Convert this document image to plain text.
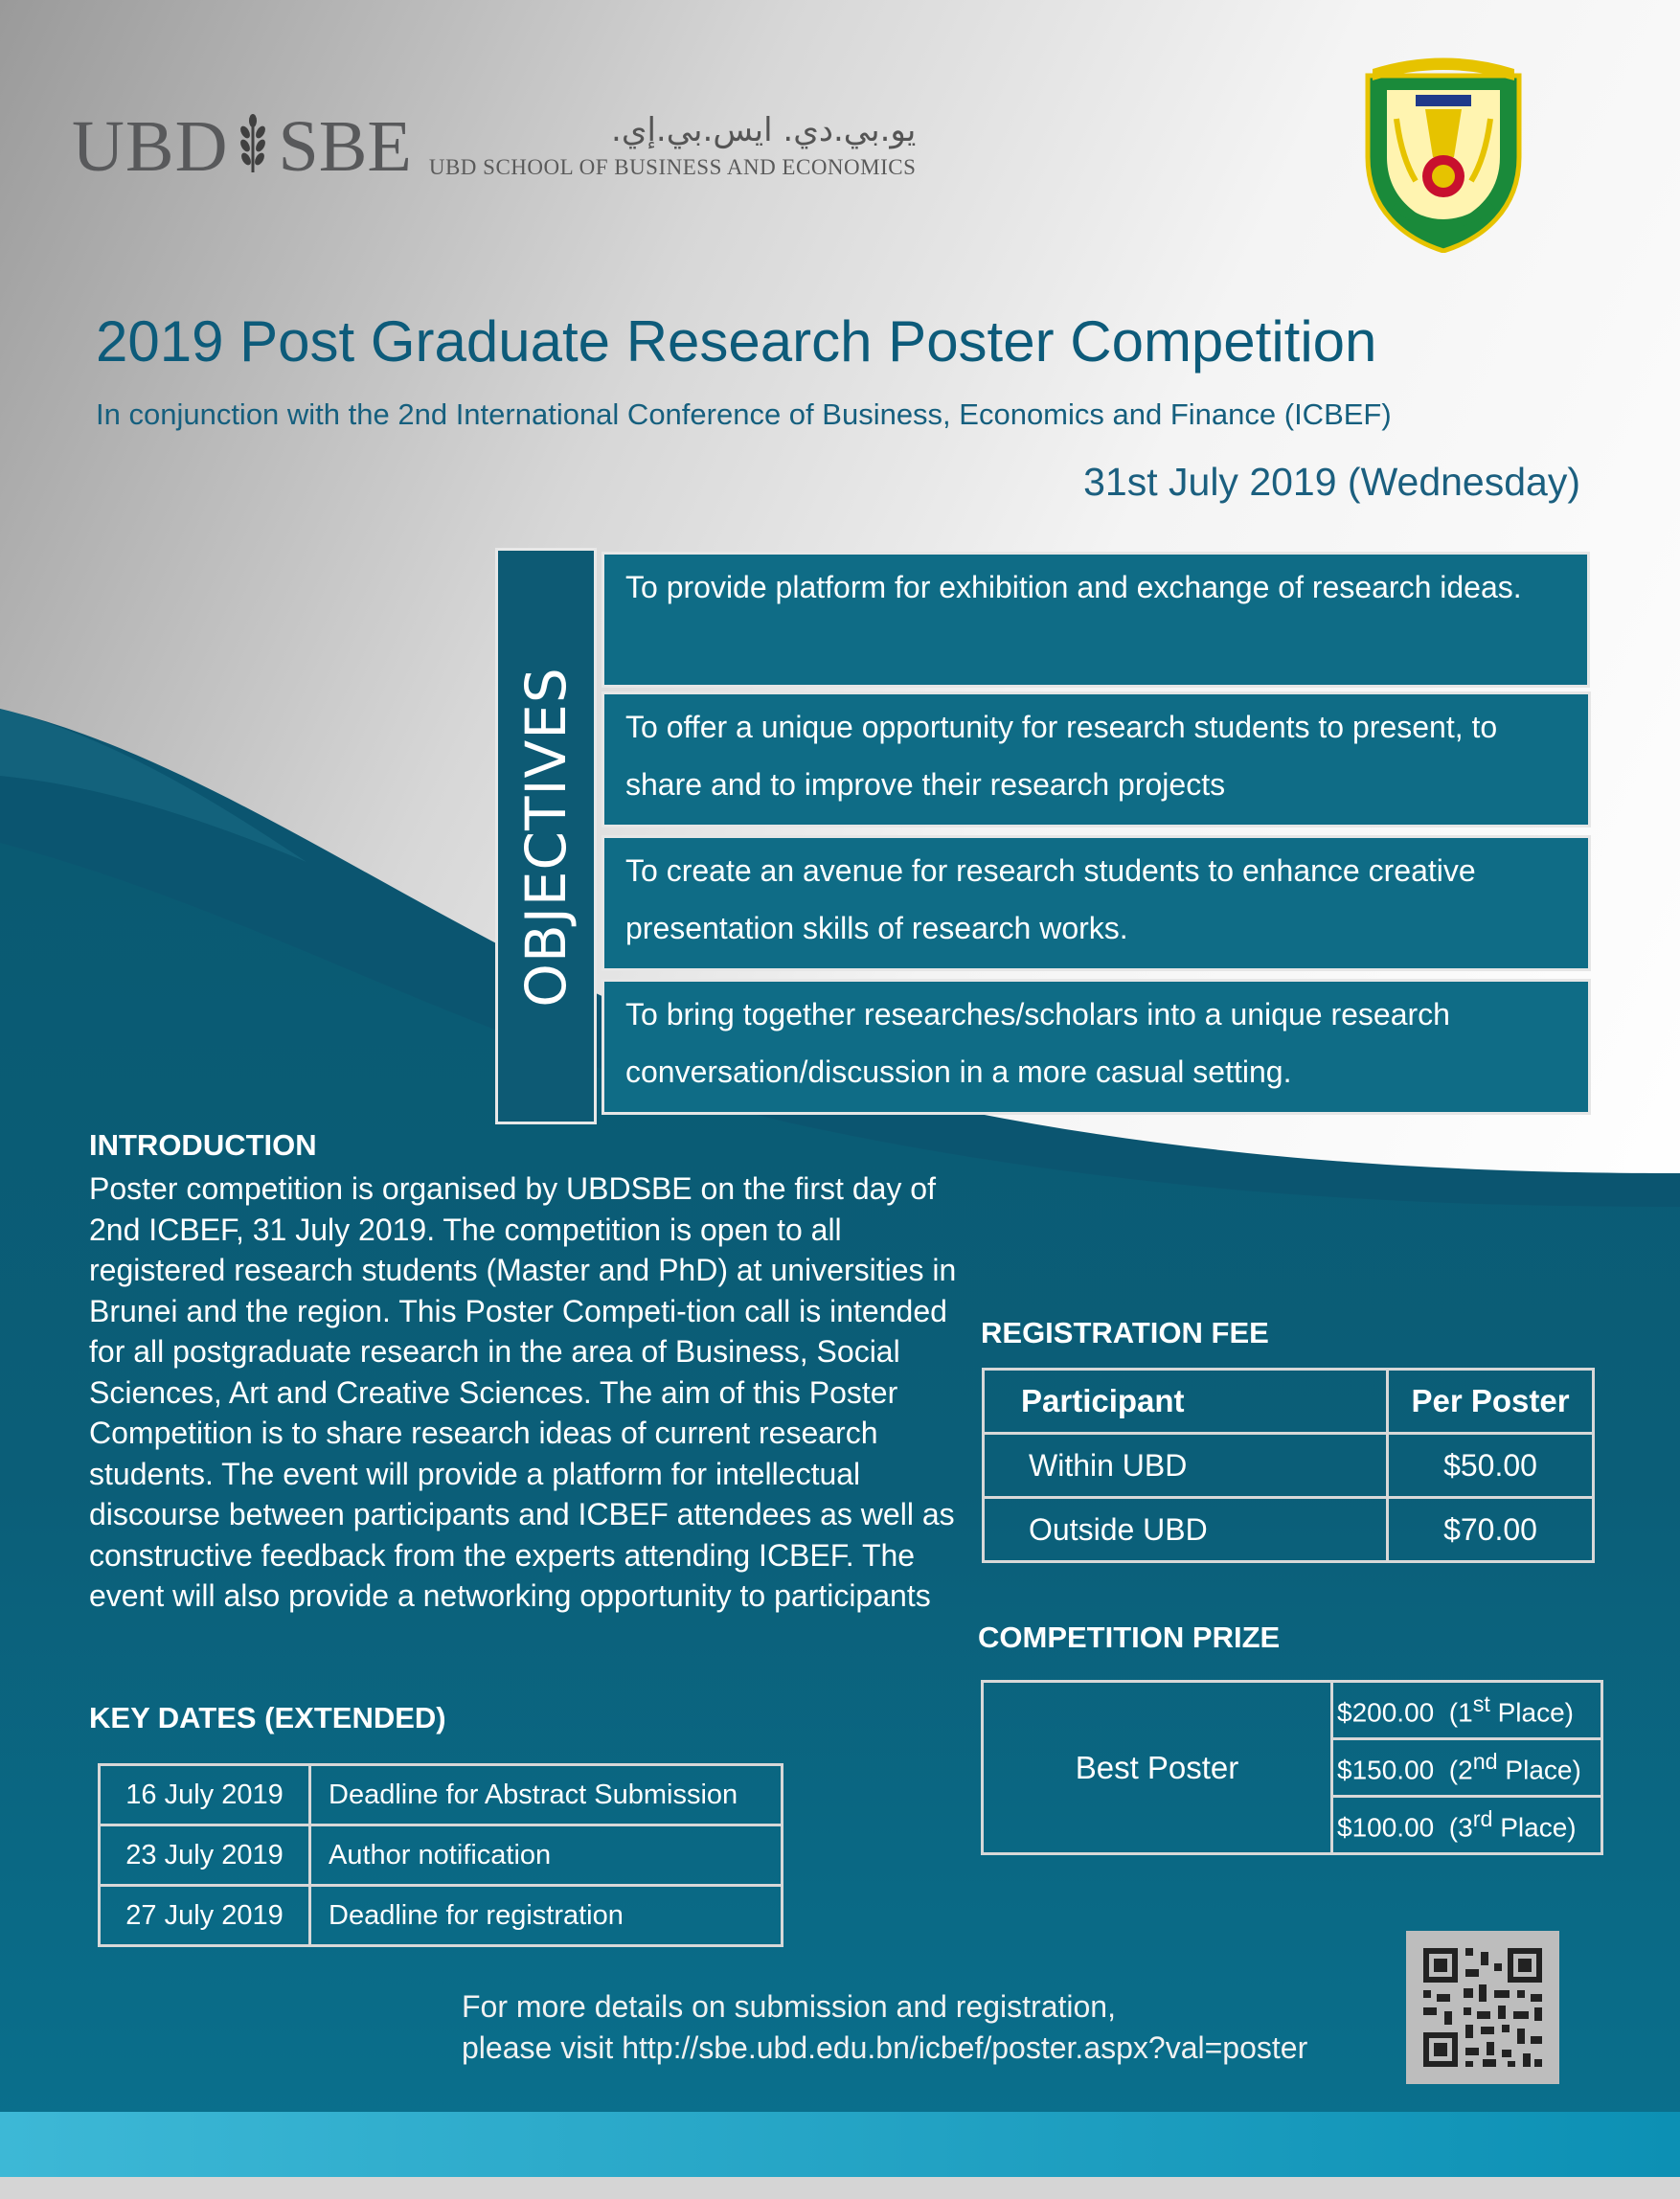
UBD SBE	يو.بي.دي. ايس.بي.إي.
UBD SCHOOL OF BUSINESS AND ECONOMICS
2019 Post Graduate Research Poster Competition
In conjunction with the 2nd International Conference of Business, Economics and Finance (ICBEF)
31st July 2019 (Wednesday)
OBJECTIVES
To provide platform for exhibition and exchange of research ideas.
To offer a unique opportunity for research students to present, to share and to improve their research projects
To create an avenue for research students to enhance creative presentation skills of research works.
To bring together researches/scholars into a unique research conversation/discussion in a more casual setting.
INTRODUCTION
Poster competition is organised by UBDSBE on the first day of 2nd ICBEF, 31 July 2019. The competition is open to all registered research students (Master and PhD) at universities in Brunei and the region. This Poster Competi-tion call is intended for all postgraduate research in the area of Business, Social Sciences, Art and Creative Sciences. The aim of this Poster Competition is to share research ideas of current research students. The event will provide a platform for intellectual discourse between participants and ICBEF attendees as well as constructive feedback from the experts attending ICBEF. The event will also provide a networking opportunity to participants
KEY DATES (EXTENDED)
16 July 2019	Deadline for Abstract Submission
23 July 2019	Author notification
27 July 2019	Deadline for registration
REGISTRATION FEE
Participant	Per Poster
Within UBD	$50.00
Outside UBD	$70.00
COMPETITION PRIZE
Best Poster	$200.00  (1st Place)
$150.00  (2nd Place)
$100.00  (3rd Place)
For more details on submission and registration,
please visit http://sbe.ubd.edu.bn/icbef/poster.aspx?val=poster
